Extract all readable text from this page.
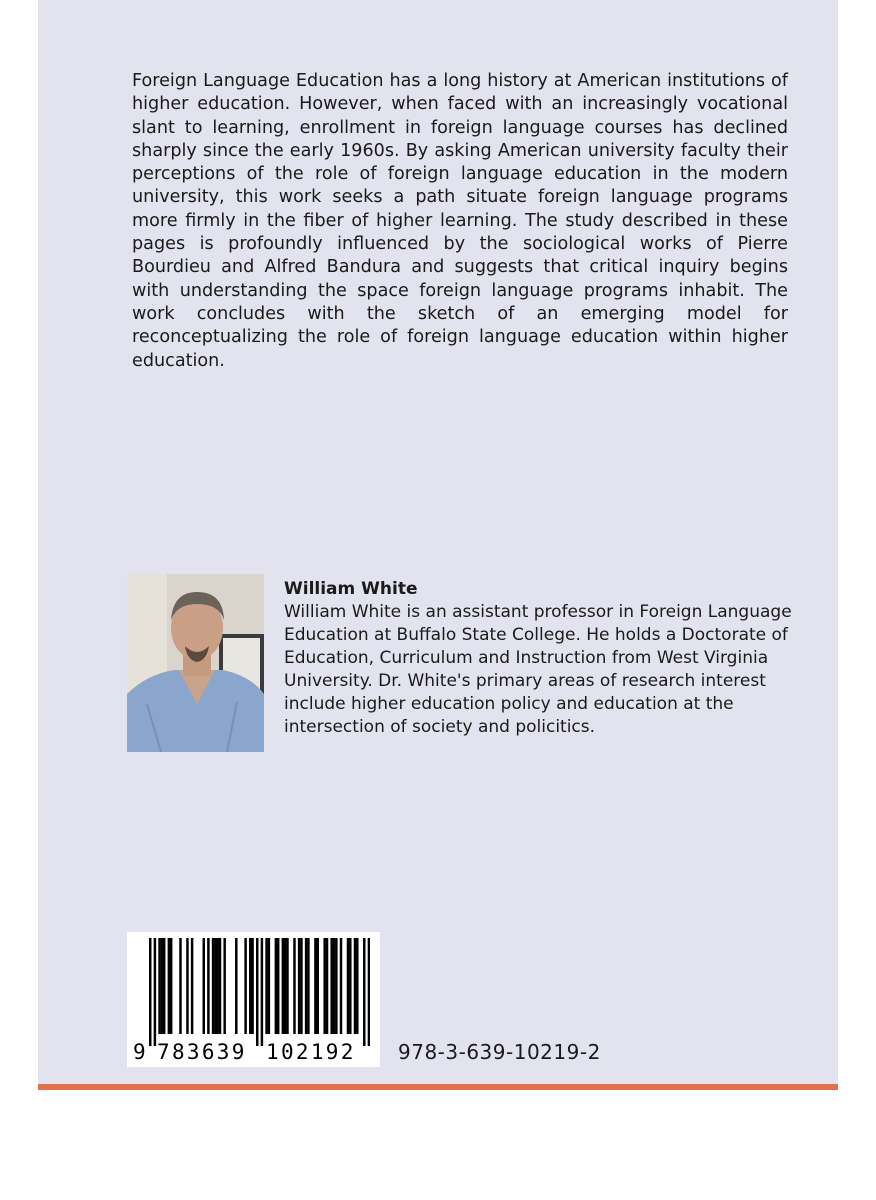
Foreign Language Education has a long history at American institutions of higher education. However, when faced with an increasingly vocational slant to learning, enrollment in foreign language courses has declined sharply since the early 1960s. By asking American university faculty their perceptions of the role of foreign language education in the modern university, this work seeks a path situate foreign language programs more firmly in the fiber of higher learning. The study described in these pages is profoundly influenced by the sociological works of Pierre Bourdieu and Alfred Bandura and suggests that critical inquiry begins with understanding the space foreign language programs inhabit. The work concludes with the sketch of an emerging model for reconceptualizing the role of foreign language education within higher education.

William White

William White is an assistant professor in Foreign Language Education at Buffalo State College. He holds a Doctorate of Education, Curriculum and Instruction from West Virginia University. Dr. White's primary areas of research interest include higher education policy and education at the intersection of society and policitics.

9 783639 102192 978-3-639-10219-2
